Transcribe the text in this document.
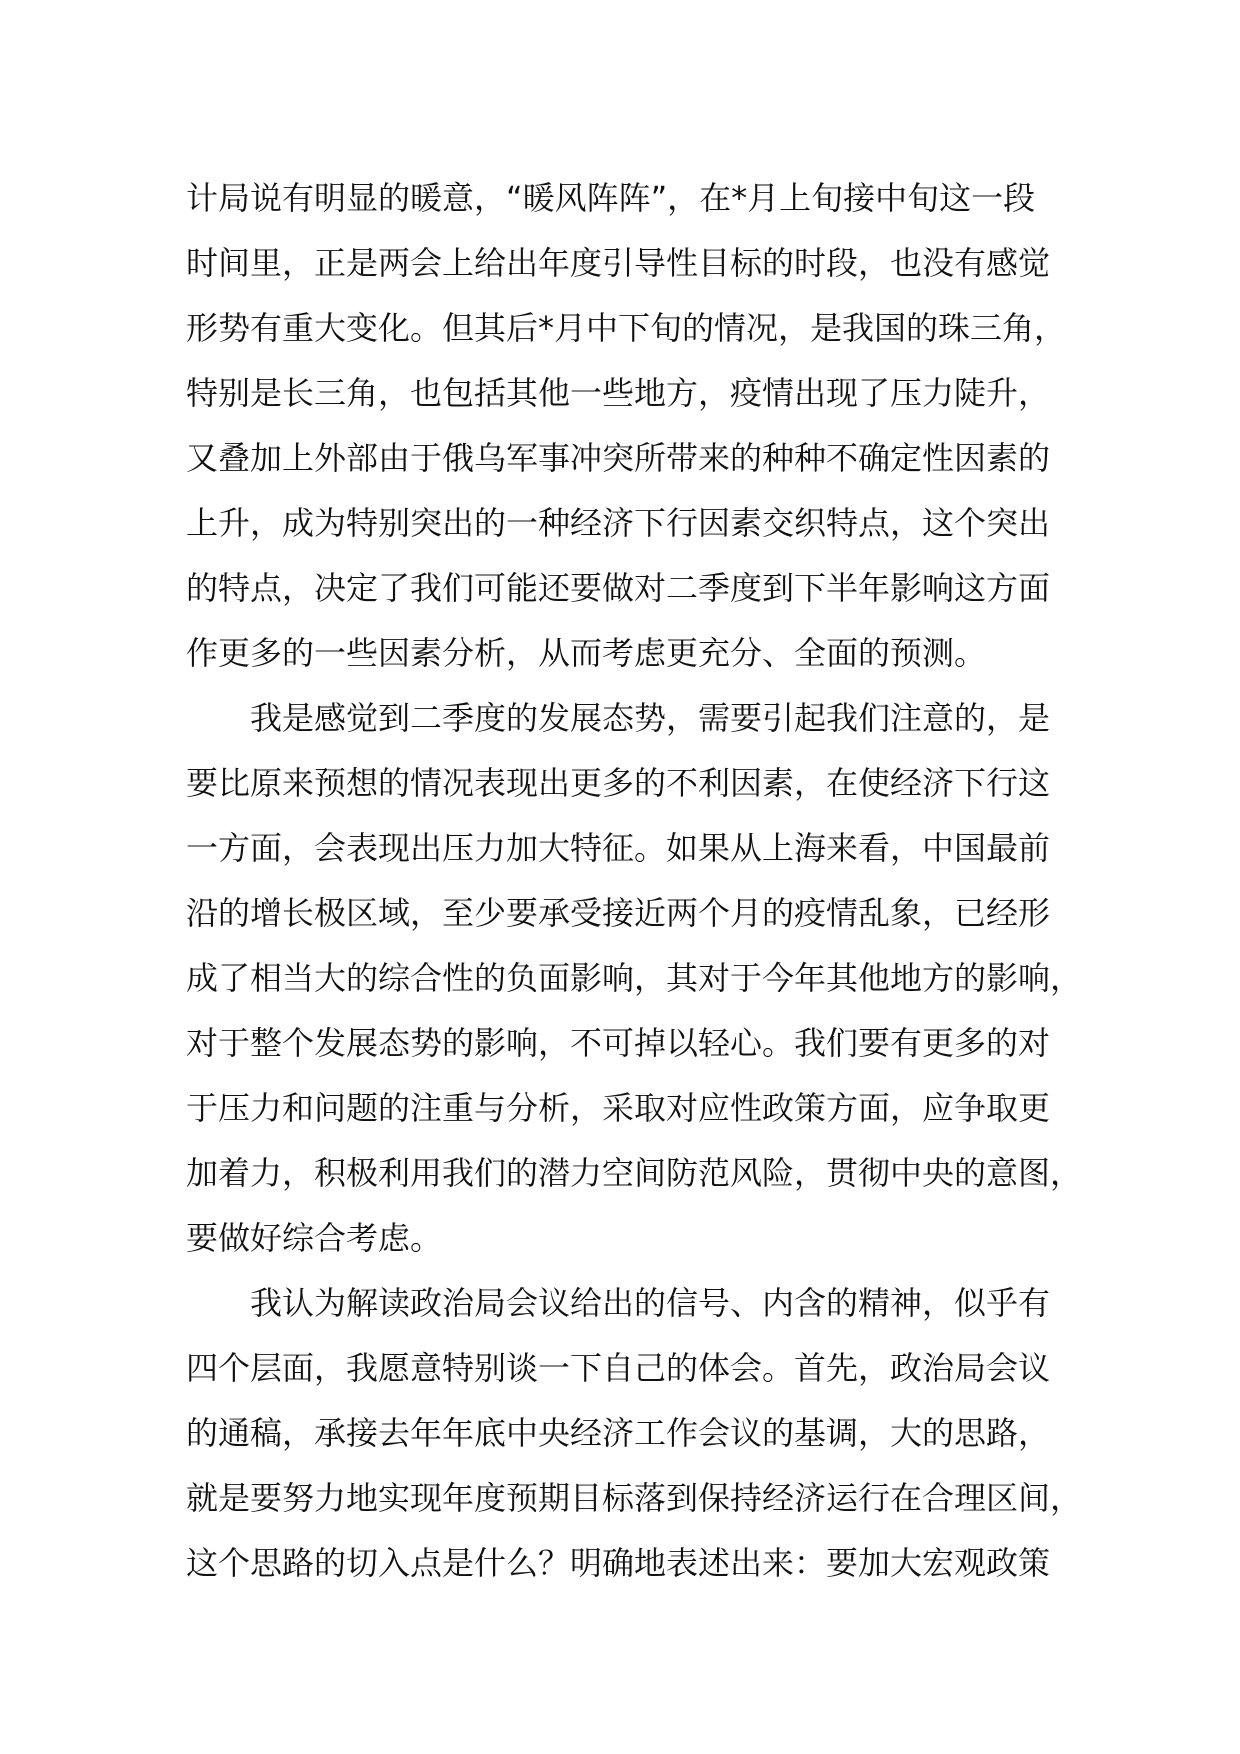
计局说有明显的暖意，“暖风阵阵”，在*月上旬接中旬这一段
时间里，正是两会上给出年度引导性目标的时段，也没有感觉
形势有重大变化。但其后*月中下旬的情况，是我国的珠三角，
特别是长三角，也包括其他一些地方，疫情出现了压力陡升，
又叠加上外部由于俄乌军事冲突所带来的种种不确定性因素的
上升，成为特别突出的一种经济下行因素交织特点，这个突出
的特点，决定了我们可能还要做对二季度到下半年影响这方面
作更多的一些因素分析，从而考虑更充分、全面的预测。
我是感觉到二季度的发展态势，需要引起我们注意的，是
要比原来预想的情况表现出更多的不利因素，在使经济下行这
一方面，会表现出压力加大特征。如果从上海来看，中国最前
沿的增长极区域，至少要承受接近两个月的疫情乱象，已经形
成了相当大的综合性的负面影响，其对于今年其他地方的影响，
对于整个发展态势的影响，不可掉以轻心。我们要有更多的对
于压力和问题的注重与分析，采取对应性政策方面，应争取更
加着力，积极利用我们的潜力空间防范风险，贯彻中央的意图，
要做好综合考虑。
我认为解读政治局会议给出的信号、内含的精神，似乎有
四个层面，我愿意特别谈一下自己的体会。首先，政治局会议
的通稿，承接去年年底中央经济工作会议的基调，大的思路，
就是要努力地实现年度预期目标落到保持经济运行在合理区间，
这个思路的切入点是什么？明确地表述出来：要加大宏观政策
